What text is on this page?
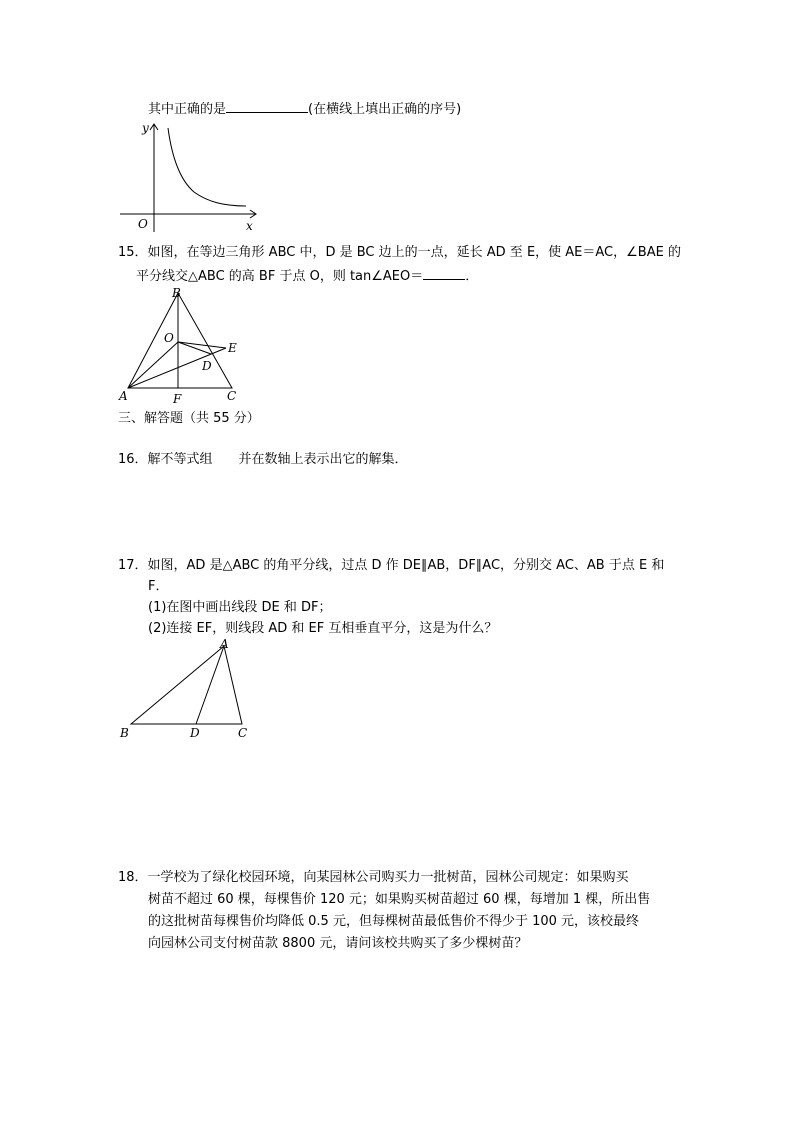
其中正确的是	(在横线上填出正确的序号)
y
x
O
15．如图，在等边三角形 ABC 中，D 是 BC 边上的一点，延长 AD 至 E，使 AE＝AC，∠BAE 的
平分线交△ABC 的高 BF 于点 O，则 tan∠AEO＝	．
B
O
E
D
A	F	C
三、解答题（共 55 分）
16．解不等式组 并在数轴上表示出它的解集．
17．如图，AD 是△ABC 的角平分线，过点 D 作 DE∥AB，DF∥AC，分别交 AC、AB 于点 E 和
F．
(1)在图中画出线段 DE 和 DF；
(2)连接 EF，则线段 AD 和 EF 互相垂直平分，这是为什么？
A
B	D	C
18．一学校为了绿化校园环境，向某园林公司购买力一批树苗，园林公司规定：如果购买
树苗不超过 60 棵，每棵售价 120 元；如果购买树苗超过 60 棵，每增加 1 棵，所出售
的这批树苗每棵售价均降低 0.5 元，但每棵树苗最低售价不得少于 100 元，该校最终
向园林公司支付树苗款 8800 元，请问该校共购买了多少棵树苗？
